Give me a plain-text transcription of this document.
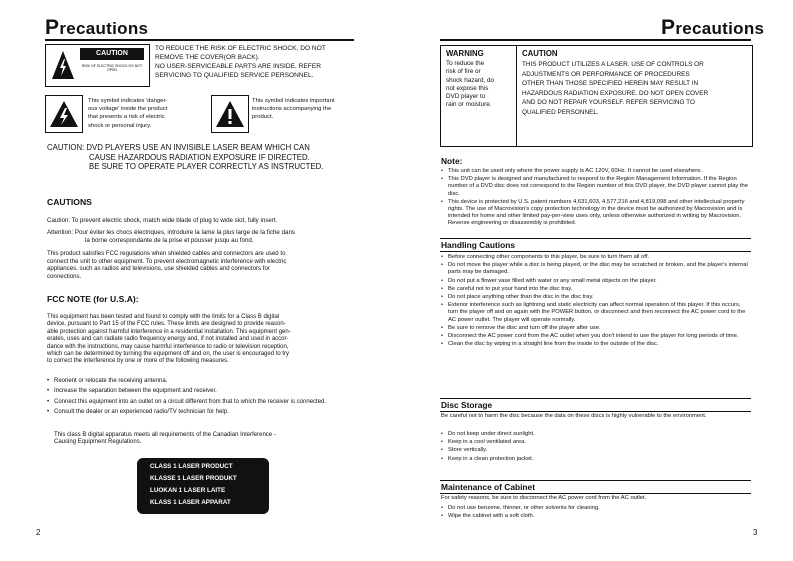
Precautions
CAUTION
RISK OF ELECTRIC SHOCK DO NOT OPEN
TO REDUCE THE RISK OF ELECTRIC SHOCK, DO NOT
REMOVE THE COVER(OR BACK).
NO USER-SERVICEABLE PARTS ARE INSIDE. REFER
SERVICING TO QUALIFIED SERVICE PERSONNEL.
This symbol indicates 'danger-
ous voltage' inside the product
that presents a risk of electric
shock or personal injury.
This symbol indicates important
instructions accompanying the
product.
CAUTION: DVD PLAYERS USE AN INVISIBLE LASER BEAM WHICH CAN
CAUSE HAZARDOUS RADIATION EXPOSURE IF DIRECTED.
BE SURE TO OPERATE PLAYER CORRECTLY AS INSTRUCTED.
CAUTIONS
Caution: To prevent electric shock, match wide blade of plug to wide slot, fully insert.
Attention: Pour éviter les chocs électriques, introduire la lame la plus large de la fiche dans
la borne correspondante de la prise et pousser jusqu au fond.
This product satisfies FCC regulations when shielded cables and connectors are used to
connect the unit to other equipment. To prevent electromagnetic interference with electric
appliances, such as radios and televisions, use shielded cables and connectors for
connections.
FCC NOTE (for U.S.A):
This equipment has been tested and found to comply with the limits for a Class B digital
device, pursuant to Part 15 of the FCC rules. These limits are designed to provide reason-
able protection against harmful interference in a residential installation. This equipment gen-
erates, uses and can radiate radio frequency energy and, if not installed and used in accor-
dance with the instructions, may cause harmful interference to radio or television reception,
which can be determined by turning the equipment off and on, the user is encouraged to try
to correct the interference by one or more of the following measures.
• Reorient or relocate the receiving antenna.
• Increase the separation between the equipment and receiver.
• Connect this equipment into an outlet on a circuit different from that to which the receiver is connected.
• Consult the dealer or an experienced radio/TV technician for help.
This class B digital apparatus meets all requirements of the Canadian Interference -
Causing Equipment Regulations.
CLASS 1 LASER PRODUCT
KLASSE 1 LASER PRODUKT
LUOKAN 1 LASER LAITE
KLASS 1 LASER APPARAT
2
Precautions
WARNING
To reduce the
risk of fire or
shock hazard, do
not expose this
DVD player to
rain or moisture.
CAUTION
THIS PRODUCT UTILIZES A LASER. USE OF CONTROLS OR
ADJUSTMENTS OR PERFORMANCE OF PROCEDURES
OTHER THAN THOSE SPECIFIED HEREIN MAY RESULT IN
HAZARDOUS RADIATION EXPOSURE. DO NOT OPEN COVER
AND DO NOT REPAIR YOURSELF. REFER SERVICING TO
QUALIFIED PERSONNEL.
Note:
• This unit can be used only where the power supply is AC 120V, 60Hz. It cannot be used elsewhere.
• This DVD player is designed and manufactured to respond to the Region Management Information. If the Region number of a DVD disc does not correspond to the Region number of this DVD player, the DVD player cannot play the disc.
• This device is protected by U.S. patent numbers 4,631,603, 4,577,216 and 4,819,098 and other intellectual property rights. The use of Macrovision's copy protection technology in the device must be authorized by Macrovision and is intended for home and other limited pay-per-view uses only, unless otherwise authorized in writing by Macrovision. Reverse engineering or disassembly is prohibited.
Handling Cautions
• Before connecting other components to this player, be sure to turn them all off.
• Do not move the player while a disc is being played, or the disc may be scratched or broken, and the player's internal parts may be damaged.
• Do not put a flower vase filled with water or any small metal objects on the player.
• Be careful not to put your hand into the disc tray.
• Do not place anything other than the disc in the disc tray.
• Exterior interference such as lightning and static electricity can affect normal operation of this player. If this occurs, turn the player off and on again with the POWER button, or disconnect and then reconnect the AC power cord to the AC power outlet. The player will operate normally.
• Be sure to remove the disc and turn off the player after use.
• Disconnect the AC power cord from the AC outlet when you don't intend to use the player for long periods of time.
• Clean the disc by wiping in a straight line from the inside to the outside of the disc.
Disc Storage
Be careful not to harm the disc because the data on these discs is highly vulnerable to the environment.
• Do not keep under direct sunlight.
• Keep in a cool ventilated area.
• Store vertically.
• Keep in a clean protection jacket.
Maintenance of Cabinet
For safety reasons, be sure to disconnect the AC power cord from the AC outlet.
• Do not use benzene, thinner, or other solvents for cleaning.
• Wipe the cabinet with a soft cloth.
3
